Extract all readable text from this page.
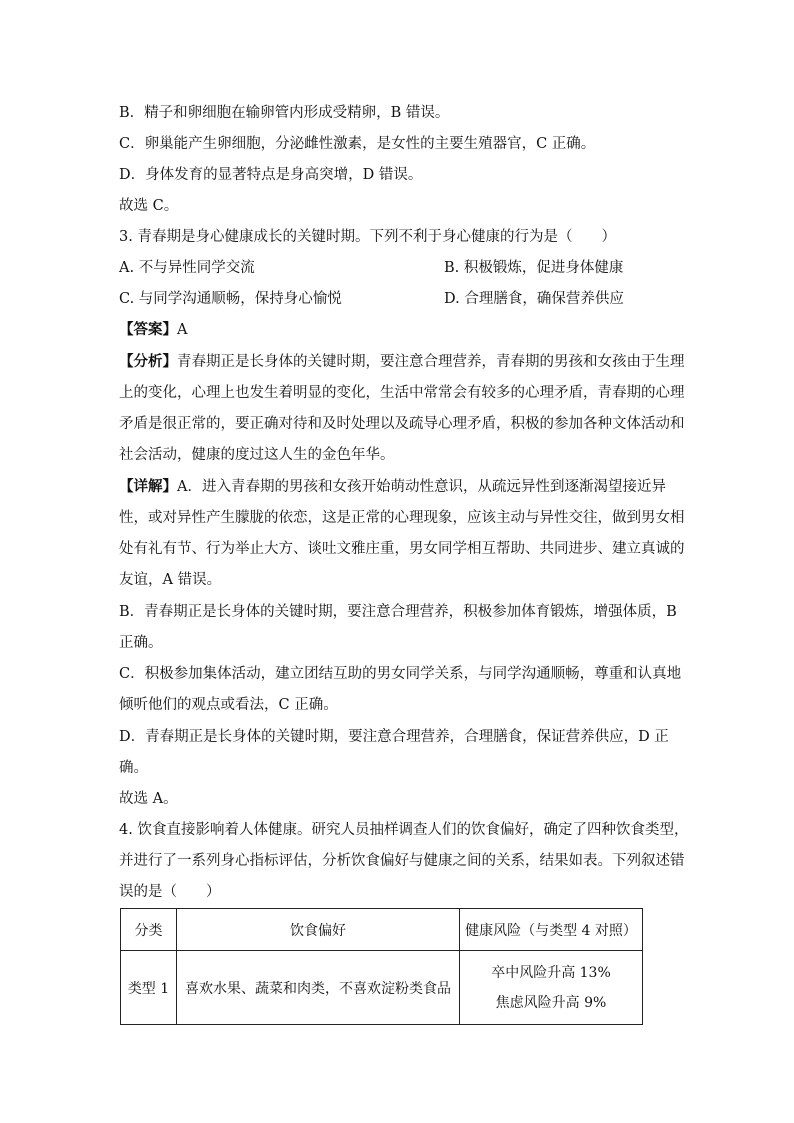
B．精子和卵细胞在输卵管内形成受精卵，B 错误。
C．卵巢能产生卵细胞，分泌雌性激素，是女性的主要生殖器官，C 正确。
D．身体发育的显著特点是身高突增，D 错误。
故选 C。
3. 青春期是身心健康成长的关键时期。下列不利于身心健康的行为是（　　）
A. 不与异性同学交流	B. 积极锻炼，促进身体健康
C. 与同学沟通顺畅，保持身心愉悦	D. 合理膳食，确保营养供应
【答案】A
【分析】青春期正是长身体的关键时期，要注意合理营养，青春期的男孩和女孩由于生理
上的变化，心理上也发生着明显的变化，生活中常常会有较多的心理矛盾，青春期的心理
矛盾是很正常的，要正确对待和及时处理以及疏导心理矛盾，积极的参加各种文体活动和
社会活动，健康的度过这人生的金色年华。
【详解】A．进入青春期的男孩和女孩开始萌动性意识，从疏远异性到逐渐渴望接近异
性，或对异性产生朦胧的依恋，这是正常的心理现象，应该主动与异性交往，做到男女相
处有礼有节、行为举止大方、谈吐文雅庄重，男女同学相互帮助、共同进步、建立真诚的
友谊，A 错误。
B．青春期正是长身体的关键时期，要注意合理营养，积极参加体育锻炼，增强体质，B
正确。
C．积极参加集体活动，建立团结互助的男女同学关系，与同学沟通顺畅，尊重和认真地
倾听他们的观点或看法，C 正确。
D．青春期正是长身体的关键时期，要注意合理营养，合理膳食，保证营养供应，D 正
确。
故选 A。
4. 饮食直接影响着人体健康。研究人员抽样调查人们的饮食偏好，确定了四种饮食类型，
并进行了一系列身心指标评估，分析饮食偏好与健康之间的关系，结果如表。下列叙述错
误的是（　　）
分类	饮食偏好	健康风险（与类型 4 对照）
类型 1	喜欢水果、蔬菜和肉类，不喜欢淀粉类食品	卒中风险升高 13%
焦虑风险升高 9%
